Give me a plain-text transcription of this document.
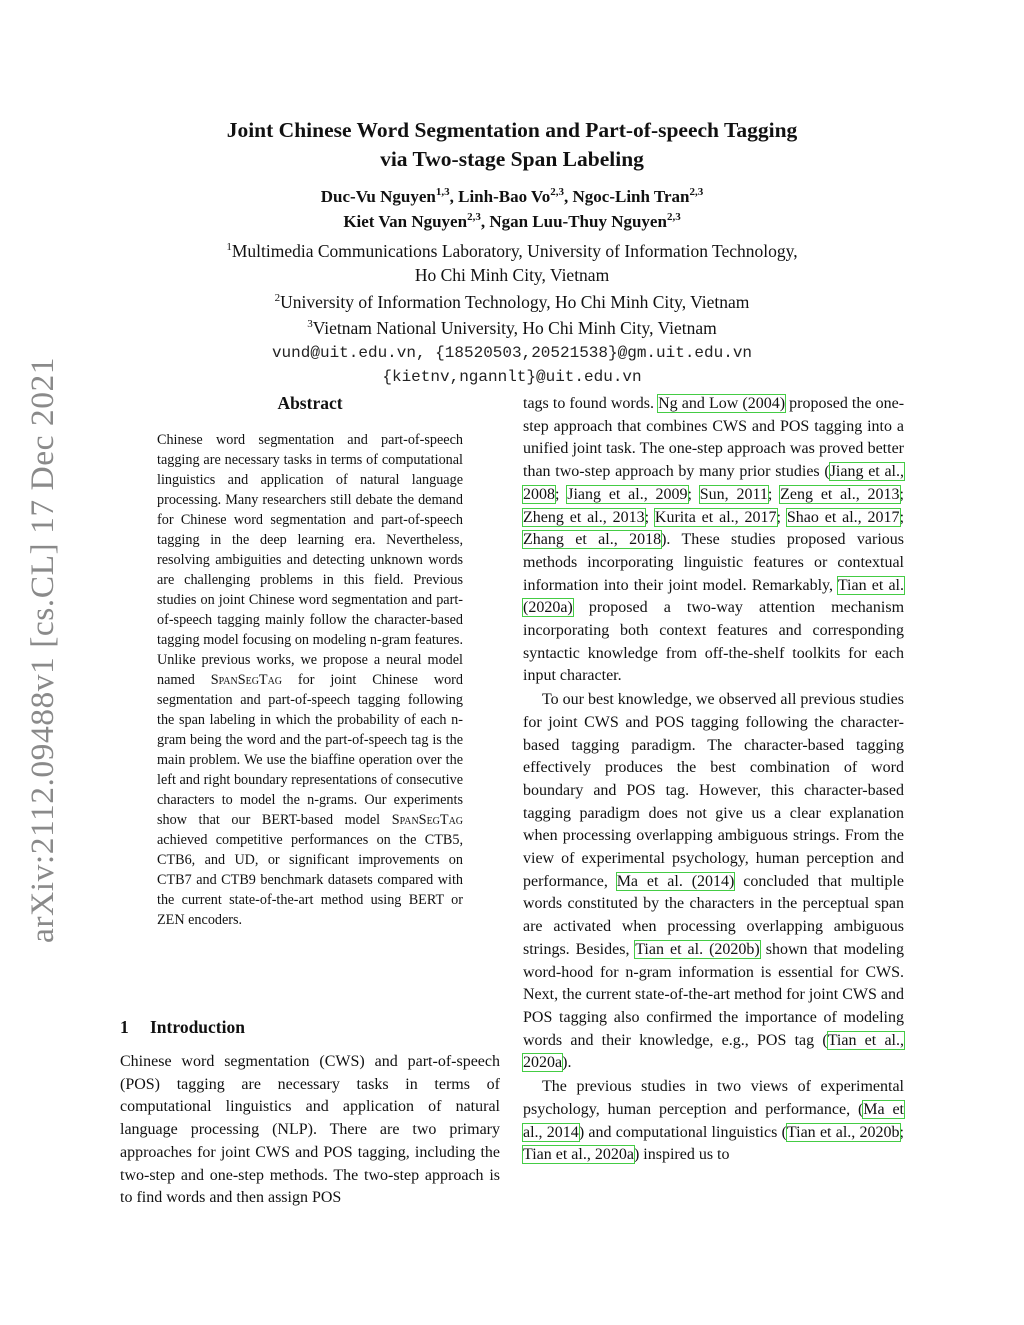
arXiv:2112.09488v1 [cs.CL] 17 Dec 2021
Joint Chinese Word Segmentation and Part-of-speech Tagging
via Two-stage Span Labeling
Duc-Vu Nguyen$^{1,3}$, Linh-Bao Vo$^{2,3}$, Ngoc-Linh Tran$^{2,3}$
Kiet Van Nguyen$^{2,3}$, Ngan Luu-Thuy Nguyen$^{2,3}$
$^1$Multimedia Communications Laboratory, University of Information Technology,
Ho Chi Minh City, Vietnam
$^2$University of Information Technology, Ho Chi Minh City, Vietnam
$^3$Vietnam National University, Ho Chi Minh City, Vietnam
vund@uit.edu.vn, {18520503,20521538}@gm.uit.edu.vn
{kietnv,ngannlt}@uit.edu.vn
Abstract

Chinese word segmentation and part-of-speech tagging are necessary tasks in terms of computational linguistics and application of natural language processing. Many researchers still debate the demand for Chinese word segmentation and part-of-speech tagging in the deep learning era. Nevertheless, resolving ambiguities and detecting unknown words are challenging problems in this field. Previous studies on joint Chinese word segmentation and part-of-speech tagging mainly follow the character-based tagging model focusing on modeling n-gram features. Unlike previous works, we propose a neural model named SpanSegTag for joint Chinese word segmentation and part-of-speech tagging following the span labeling in which the probability of each n-gram being the word and the part-of-speech tag is the main problem. We use the biaffine operation over the left and right boundary representations of consecutive characters to model the n-grams. Our experiments show that our BERT-based model SpanSegTag achieved competitive performances on the CTB5, CTB6, and UD, or significant improvements on CTB7 and CTB9 benchmark datasets compared with the current state-of-the-art method using BERT or ZEN encoders.

1 Introduction

Chinese word segmentation (CWS) and part-of-speech (POS) tagging are necessary tasks in terms of computational linguistics and application of natural language processing (NLP). There are two primary approaches for joint CWS and POS tagging, including the two-step and one-step methods. The two-step approach is to find words and then assign POS

tags to found words. Ng and Low (2004) proposed the one-step approach that combines CWS and POS tagging into a unified joint task. The one-step approach was proved better than two-step approach by many prior studies (Jiang et al., 2008; Jiang et al., 2009; Sun, 2011; Zeng et al., 2013; Zheng et al., 2013; Kurita et al., 2017; Shao et al., 2017; Zhang et al., 2018). These studies proposed various methods incorporating linguistic features or contextual information into their joint model. Remarkably, Tian et al. (2020a) proposed a two-way attention mechanism incorporating both context features and corresponding syntactic knowledge from off-the-shelf toolkits for each input character.

To our best knowledge, we observed all previous studies for joint CWS and POS tagging following the character-based tagging paradigm. The character-based tagging effectively produces the best combination of word boundary and POS tag. However, this character-based tagging paradigm does not give us a clear explanation when processing overlapping ambiguous strings. From the view of experimental psychology, human perception and performance, Ma et al. (2014) concluded that multiple words constituted by the characters in the perceptual span are activated when processing overlapping ambiguous strings. Besides, Tian et al. (2020b) shown that modeling word-hood for n-gram information is essential for CWS. Next, the current state-of-the-art method for joint CWS and POS tagging also confirmed the importance of modeling words and their knowledge, e.g., POS tag (Tian et al., 2020a).

The previous studies in two views of experimental psychology, human perception and performance, (Ma et al., 2014) and computational linguistics (Tian et al., 2020b; Tian et al., 2020a) inspired us to
